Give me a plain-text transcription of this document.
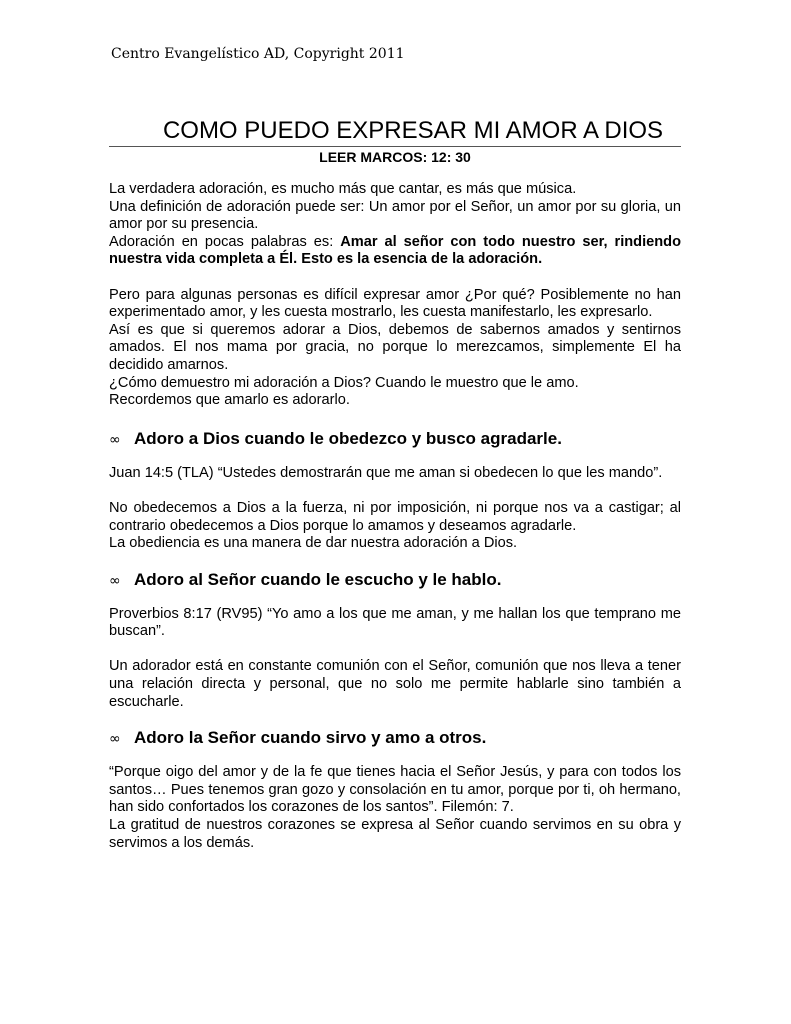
Centro Evangelístico AD, Copyright 2011
COMO PUEDO EXPRESAR MI AMOR A DIOS
LEER MARCOS: 12: 30

La verdadera adoración, es mucho más que cantar, es más que música.

Una definición de adoración puede ser: Un amor por el Señor, un amor por su gloria, un amor por su presencia.

Adoración en pocas palabras es: Amar al señor con todo nuestro ser, rindiendo nuestra vida completa a Él. Esto es la esencia de la adoración.

Pero para algunas personas es difícil expresar amor ¿Por qué? Posiblemente no han experimentado amor, y les cuesta mostrarlo, les cuesta manifestarlo, les expresarlo.

Así es que si queremos adorar a Dios, debemos de sabernos amados y sentirnos amados. El nos mama por gracia, no porque lo merezcamos, simplemente El ha decidido amarnos.

¿Cómo demuestro mi adoración a Dios? Cuando le muestro que le amo.

Recordemos que amarlo es adorarlo.

∞ Adoro a Dios cuando le obedezco y busco agradarle.

Juan 14:5 (TLA) “Ustedes demostrarán que me aman si obedecen lo que les mando”.

No obedecemos a Dios a la fuerza, ni por imposición, ni porque nos va a castigar; al contrario obedecemos a Dios porque lo amamos y deseamos agradarle.

La obediencia es una manera de dar nuestra adoración a Dios.

∞ Adoro al Señor cuando le escucho y le hablo.

Proverbios 8:17 (RV95) “Yo amo a los que me aman, y me hallan los que temprano me buscan”.

Un adorador está en constante comunión con el Señor, comunión que nos lleva a tener una relación directa y personal, que no solo me permite hablarle sino también a escucharle.

∞ Adoro la Señor cuando sirvo y amo a otros.

“Porque oigo del amor y de la fe que tienes hacia el Señor Jesús, y para con todos los santos… Pues tenemos gran gozo y consolación en tu amor, porque por ti, oh hermano, han sido confortados los corazones de los santos”. Filemón: 7.

La gratitud de nuestros corazones se expresa al Señor cuando servimos en su obra y servimos a los demás.
